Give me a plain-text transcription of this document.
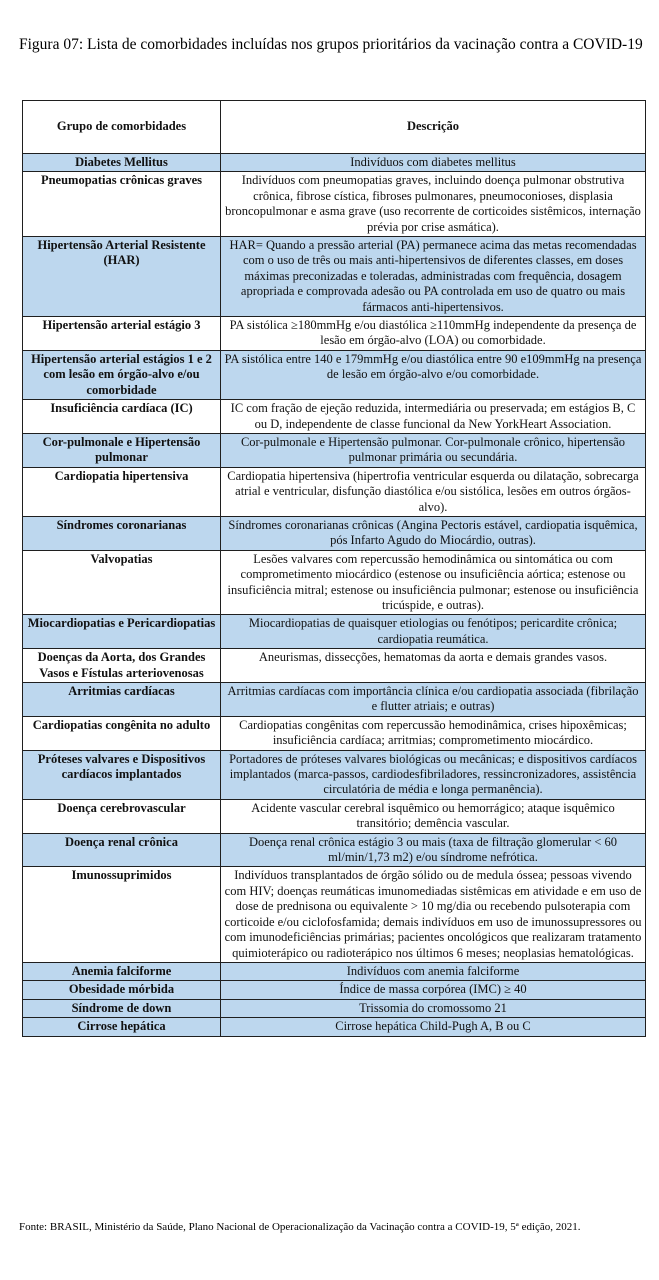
Figura 07: Lista de comorbidades incluídas nos grupos prioritários da vacinação contra a COVID-19
Grupo de comorbidades	Descrição
Diabetes Mellitus	Indivíduos com diabetes mellitus
Pneumopatias crônicas graves	Indivíduos com pneumopatias graves, incluindo doença pulmonar obstrutiva crônica, fibrose cística, fibroses pulmonares, pneumoconioses, displasia broncopulmonar e asma grave (uso recorrente de corticoides sistêmicos, internação prévia por crise asmática).
Hipertensão Arterial Resistente (HAR)	HAR= Quando a pressão arterial (PA) permanece acima das metas recomendadas com o uso de três ou mais anti-hipertensivos de diferentes classes, em doses máximas preconizadas e toleradas, administradas com frequência, dosagem apropriada e comprovada adesão ou PA controlada em uso de quatro ou mais fármacos anti-hipertensivos.
Hipertensão arterial estágio 3	PA sistólica ≥180mmHg e/ou diastólica ≥110mmHg independente da presença de lesão em órgão-alvo (LOA) ou comorbidade.
Hipertensão arterial estágios 1 e 2 com lesão em órgão-alvo e/ou comorbidade	PA sistólica entre 140 e 179mmHg e/ou diastólica entre 90 e109mmHg na presença de lesão em órgão-alvo e/ou comorbidade.
Insuficiência cardíaca (IC)	IC com fração de ejeção reduzida, intermediária ou preservada; em estágios B, C ou D, independente de classe funcional da New YorkHeart Association.
Cor-pulmonale e Hipertensão pulmonar	Cor-pulmonale e Hipertensão pulmonar. Cor-pulmonale crônico, hipertensão pulmonar primária ou secundária.
Cardiopatia hipertensiva	Cardiopatia hipertensiva (hipertrofia ventricular esquerda ou dilatação, sobrecarga atrial e ventricular, disfunção diastólica e/ou sistólica, lesões em outros órgãos-alvo).
Síndromes coronarianas	Síndromes coronarianas crônicas (Angina Pectoris estável, cardiopatia isquêmica, pós Infarto Agudo do Miocárdio, outras).
Valvopatias	Lesões valvares com repercussão hemodinâmica ou sintomática ou com comprometimento miocárdico (estenose ou insuficiência aórtica; estenose ou insuficiência mitral; estenose ou insuficiência pulmonar; estenose ou insuficiência tricúspide, e outras).
Miocardiopatias e Pericardiopatias	Miocardiopatias de quaisquer etiologias ou fenótipos; pericardite crônica; cardiopatia reumática.
Doenças da Aorta, dos Grandes Vasos e Fístulas arteriovenosas	Aneurismas, dissecções, hematomas da aorta e demais grandes vasos.
Arritmias cardíacas	Arritmias cardíacas com importância clínica e/ou cardiopatia associada (fibrilação e flutter atriais; e outras)
Cardiopatias congênita no adulto	Cardiopatias congênitas com repercussão hemodinâmica, crises hipoxêmicas; insuficiência cardíaca; arritmias; comprometimento miocárdico.
Próteses valvares e Dispositivos cardíacos implantados	Portadores de próteses valvares biológicas ou mecânicas; e dispositivos cardíacos implantados (marca-passos, cardiodesfibriladores, ressincronizadores, assistência circulatória de média e longa permanência).
Doença cerebrovascular	Acidente vascular cerebral isquêmico ou hemorrágico; ataque isquêmico transitório; demência vascular.
Doença renal crônica	Doença renal crônica estágio 3 ou mais (taxa de filtração glomerular < 60 ml/min/1,73 m2) e/ou síndrome nefrótica.
Imunossuprimidos	Indivíduos transplantados de órgão sólido ou de medula óssea; pessoas vivendo com HIV; doenças reumáticas imunomediadas sistêmicas em atividade e em uso de dose de prednisona ou equivalente > 10 mg/dia ou recebendo pulsoterapia com corticoide e/ou ciclofosfamida; demais indivíduos em uso de imunossupressores ou com imunodeficiências primárias; pacientes oncológicos que realizaram tratamento quimioterápico ou radioterápico nos últimos 6 meses; neoplasias hematológicas.
Anemia falciforme	Indivíduos com anemia falciforme
Obesidade mórbida	Índice de massa corpórea (IMC) ≥ 40
Síndrome de down	Trissomia do cromossomo 21
Cirrose hepática	Cirrose hepática Child-Pugh A, B ou C
Fonte: BRASIL, Ministério da Saúde, Plano Nacional de Operacionalização da Vacinação contra a COVID-19, 5ª edição, 2021.
